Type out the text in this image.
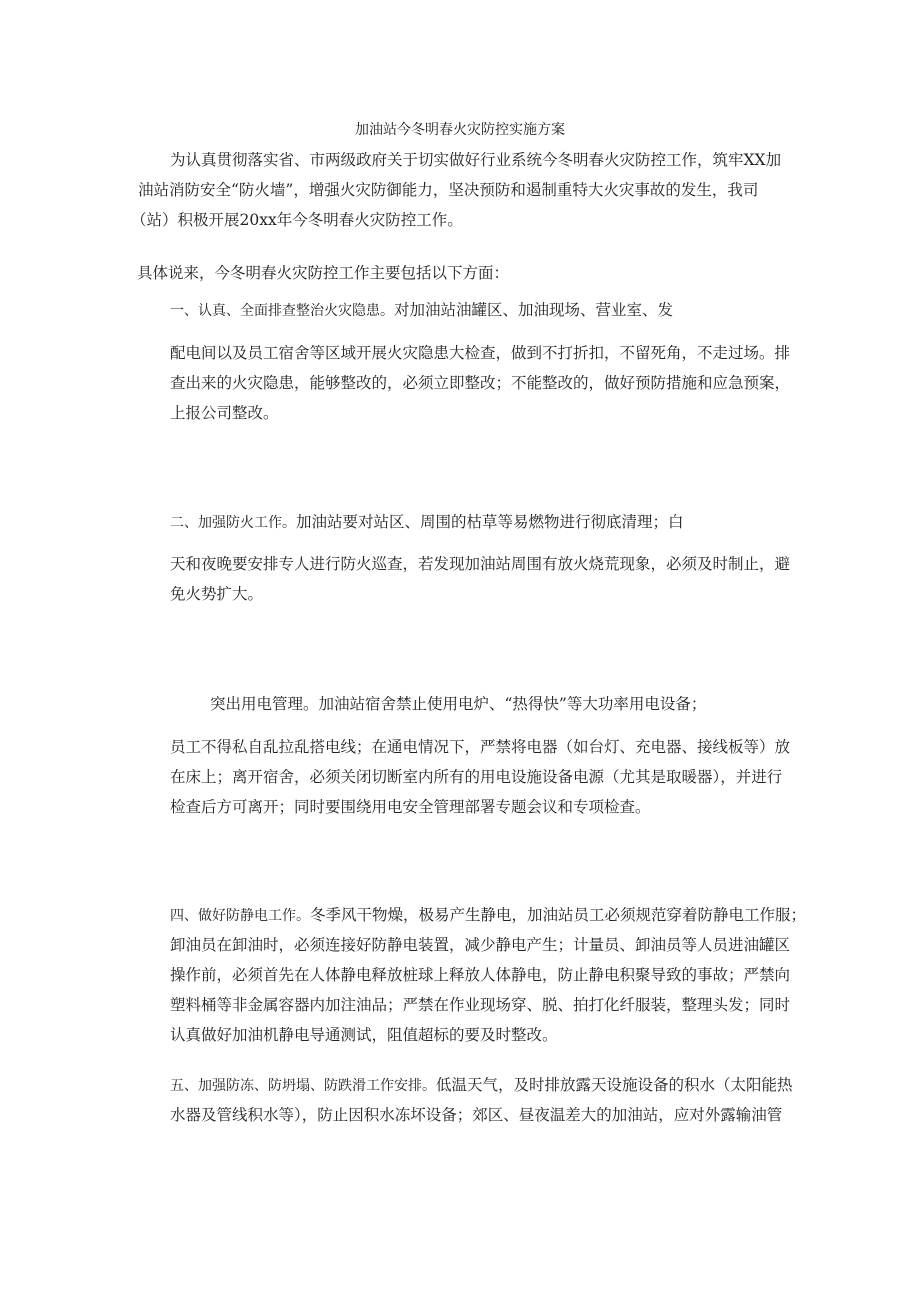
加油站今冬明春火灾防控实施方案
为认真贯彻落实省、市两级政府关于切实做好行业系统今冬明春火灾防控工作，筑牢XX加
油站消防安全“防火墙”，增强火灾防御能力，坚决预防和遏制重特大火灾事故的发生，我司
（站）积极开展20xx年今冬明春火灾防控工作。
具体说来，今冬明春火灾防控工作主要包括以下方面：
一、认真、全面排查整治火灾隐患。对加油站油罐区、加油现场、营业室、发
配电间以及员工宿舍等区域开展火灾隐患大检查，做到不打折扣，不留死角，不走过场。排
查出来的火灾隐患，能够整改的，必须立即整改；不能整改的，做好预防措施和应急预案，
上报公司整改。
二、加强防火工作。加油站要对站区、周围的枯草等易燃物进行彻底清理；白
天和夜晚要安排专人进行防火巡查，若发现加油站周围有放火烧荒现象，必须及时制止，避
免火势扩大。
突出用电管理。加油站宿舍禁止使用电炉、“热得快”等大功率用电设备；
员工不得私自乱拉乱搭电线；在通电情况下，严禁将电器（如台灯、充电器、接线板等）放
在床上；离开宿舍，必须关闭切断室内所有的用电设施设备电源（尤其是取暖器），并进行
检查后方可离开；同时要围绕用电安全管理部署专题会议和专项检查。
四、做好防静电工作。冬季风干物燥，极易产生静电，加油站员工必须规范穿着防静电工作服；
卸油员在卸油时，必须连接好防静电装置，减少静电产生；计量员、卸油员等人员进油罐区
操作前，必须首先在人体静电释放桩球上释放人体静电，防止静电积聚导致的事故；严禁向
塑料桶等非金属容器内加注油品；严禁在作业现场穿、脱、拍打化纤服装，整理头发；同时
认真做好加油机静电导通测试，阻值超标的要及时整改。
五、加强防冻、防坍塌、防跌滑工作安排。低温天气，及时排放露天设施设备的积水（太阳能热
水器及管线积水等），防止因积水冻坏设备；郊区、昼夜温差大的加油站，应对外露输油管
